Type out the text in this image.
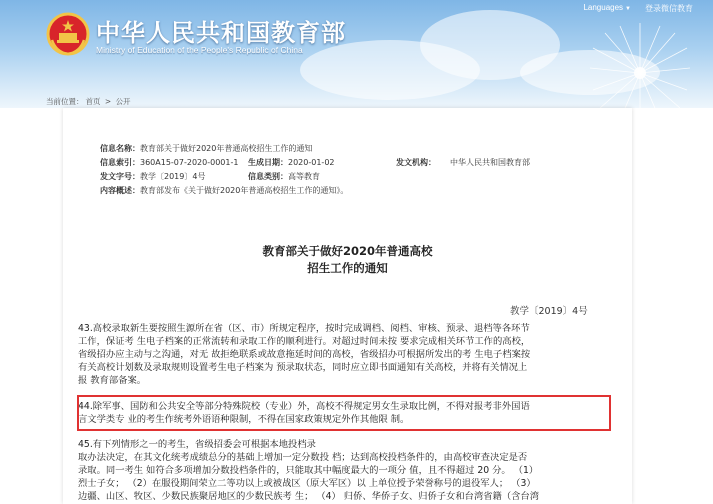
中华人民共和国教育部
Ministry of Education of the People's Republic of China
Languages ▼ 登录 微信教育
当前位置： 首页 > 公开
信息名称：教育部关于做好2020年普通高校招生工作的通知
信息索引：360A15-07-2020-0001-1 生成日期：2020-01-02	发文机构： 中华人民共和国教育部
发文字号：教学〔2019〕4号	信息类别：高等教育
内容概述：教育部发布《关于做好2020年普通高校招生工作的通知》。
教育部关于做好2020年普通高校
招生工作的通知
教学〔2019〕4号
43.高校录取新生要按照生源所在省（区、市）所规定程序，按时完成调档、阅档、审核、预录、退档等各环节
工作，保证考 生电子档案的正常流转和录取工作的顺利进行。对超过时间未按 要求完成相关环节工作的高校，
省级招办应主动与之沟通，对无 故拒绝联系或故意拖延时间的高校，省级招办可根据所发出的考 生电子档案按
有关高校计划数及录取规则设置考生电子档案为 预录取状态，同时应立即书面通知有关高校，并将有关情况上
报 教育部备案。
44.除军事、国防和公共安全等部分特殊院校（专业）外，高校不得规定男女生录取比例，不得对报考非外国语
言文学类专 业的考生作统考外语语种限制，不得在国家政策规定外作其他限 制。
45.有下列情形之一的考生，省级招委会可根据本地投档录
取办法决定，在其文化统考成绩总分的基础上增加一定分数投 档；达到高校投档条件的，由高校审查决定是否
录取。同一考生 如符合多项增加分数投档条件的，只能取其中幅度最大的一项分 值，且不得超过 20 分。 （1）
烈士子女； （2）在服役期间荣立二等功以上或被战区（原大军区）以 上单位授予荣誉称号的退役军人； （3）
边疆、山区、牧区、少数民族聚居地区的少数民族考 生； （4） 归侨、华侨子女、归侨子女和台湾省籍（含台湾
